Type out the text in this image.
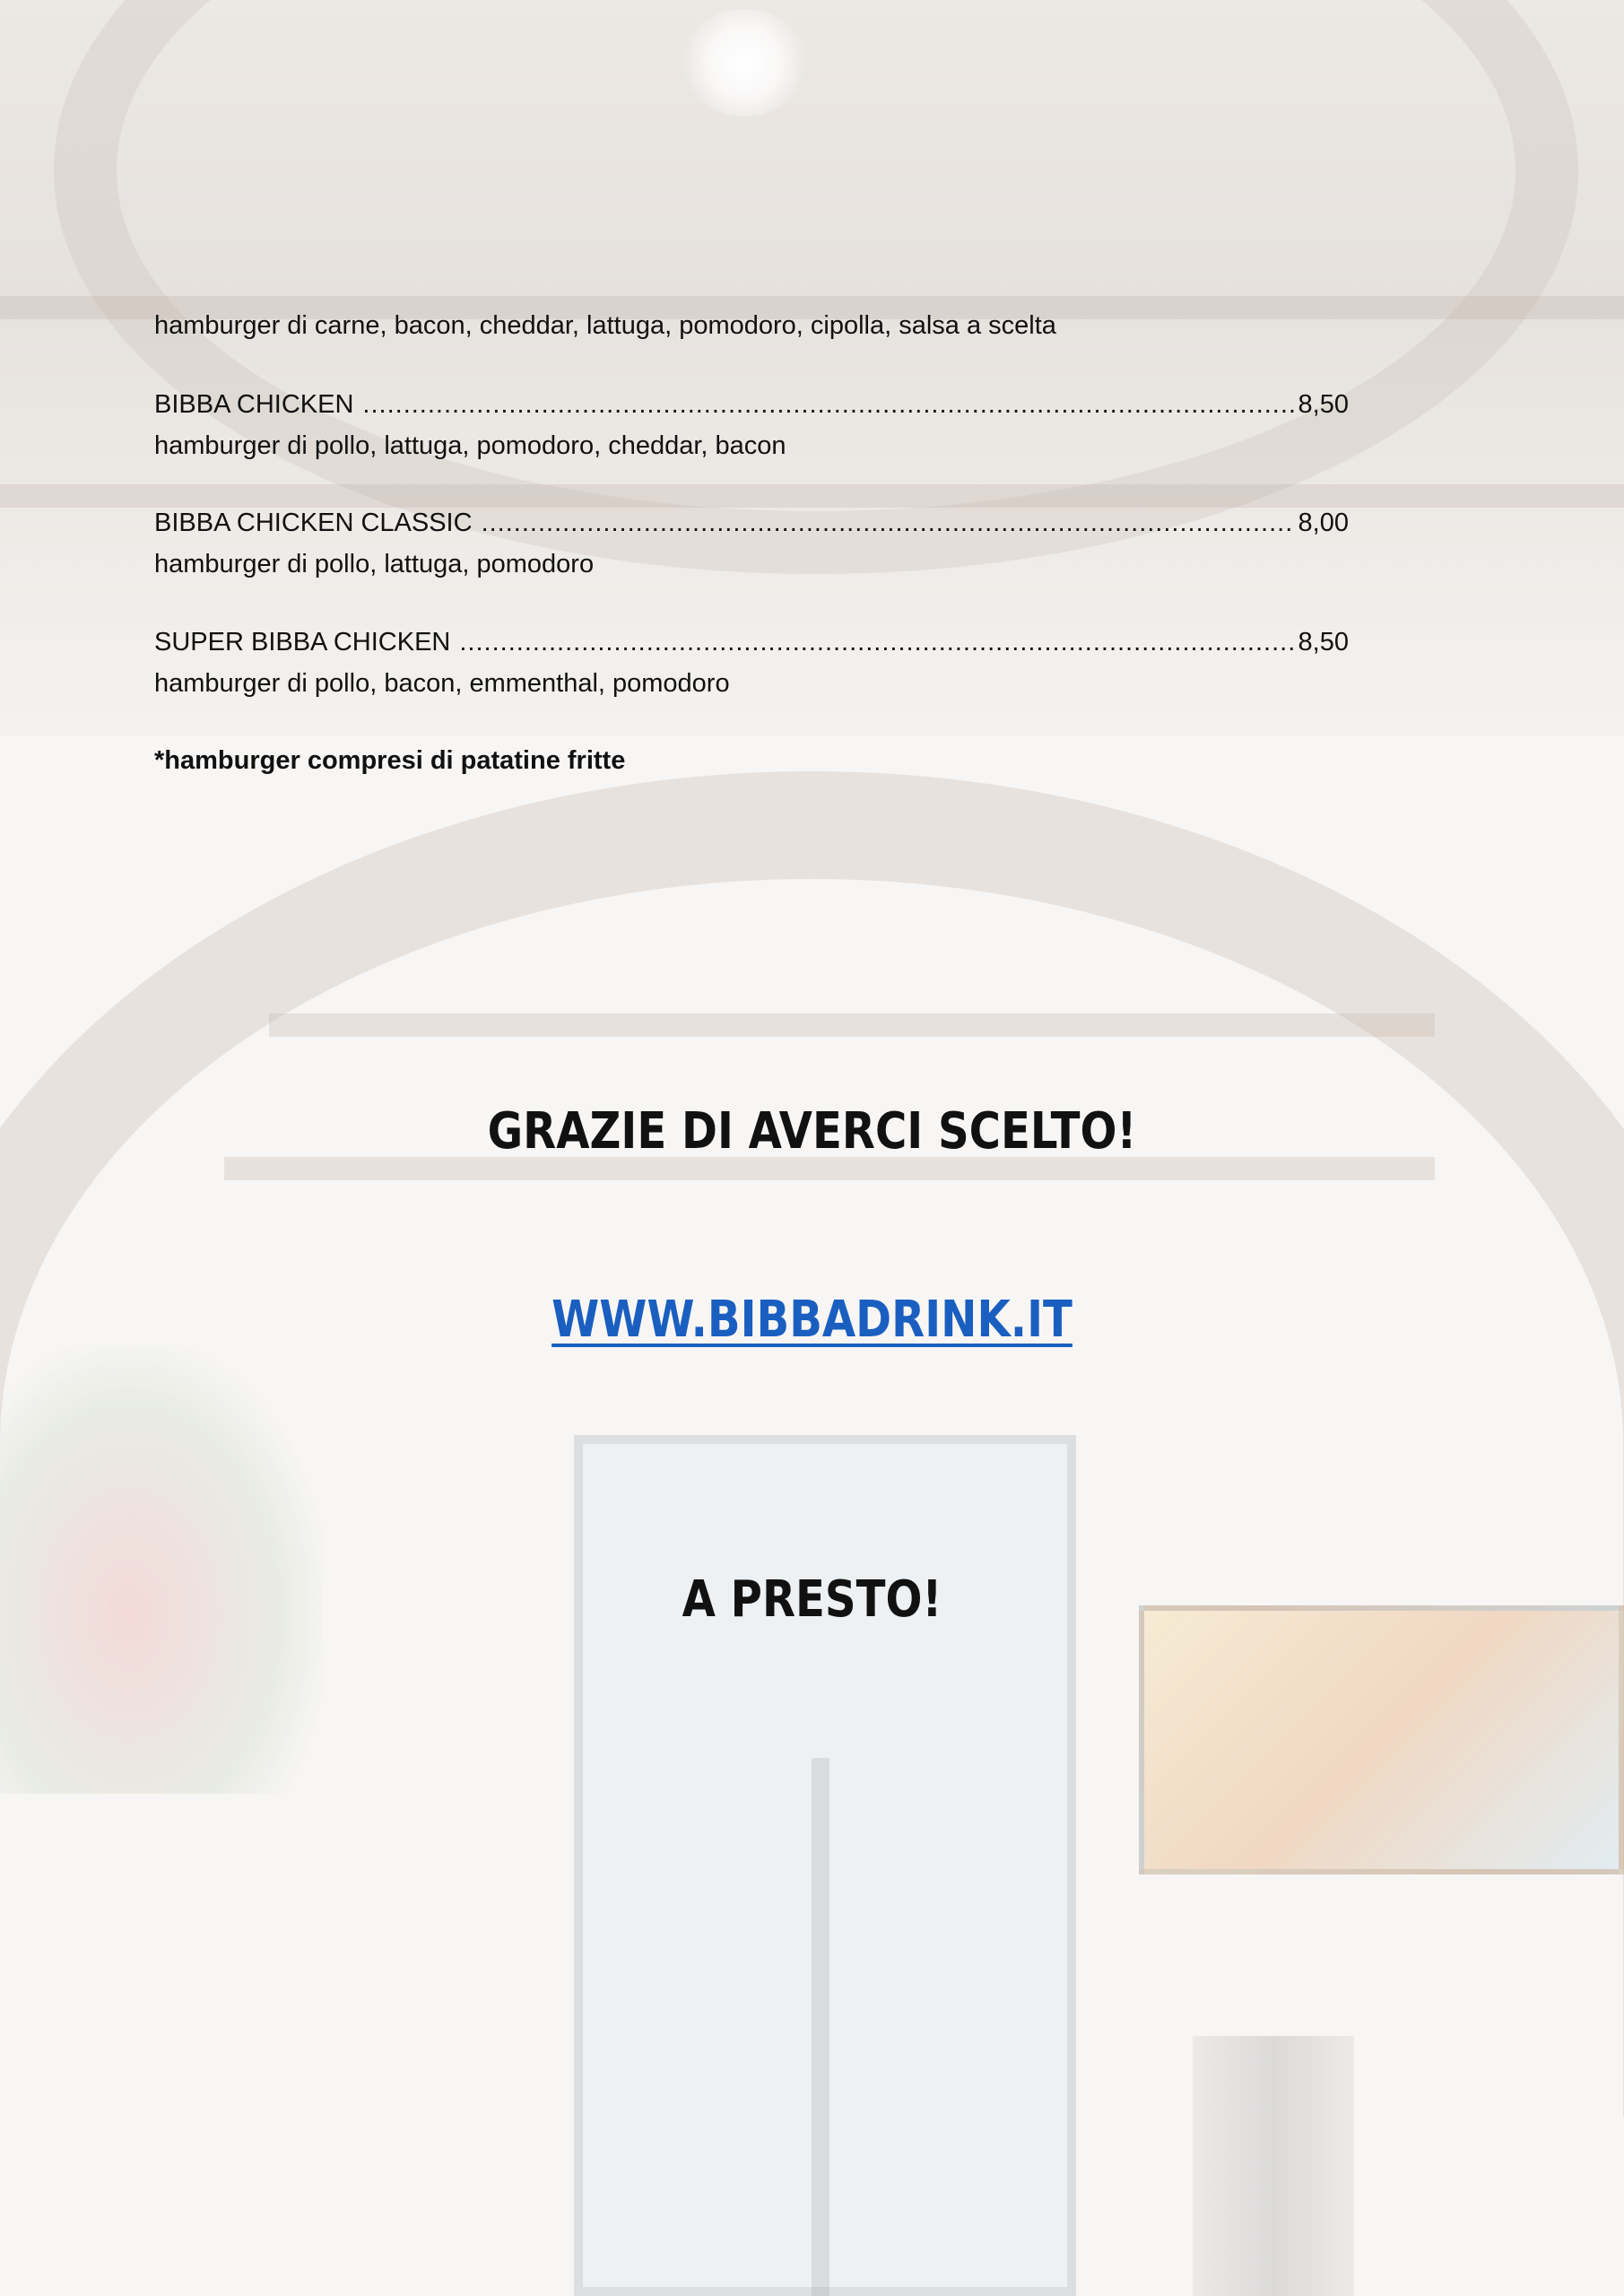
hamburger di carne, bacon, cheddar, lattuga, pomodoro, cipolla, salsa a scelta

BIBBA CHICKEN .....	8,50

hamburger di pollo, lattuga, pomodoro, cheddar, bacon

BIBBA CHICKEN CLASSIC .....	8,00

hamburger di pollo, lattuga, pomodoro

SUPER BIBBA CHICKEN .....	8,50

hamburger di pollo, bacon, emmenthal, pomodoro

*hamburger compresi di patatine fritte

GRAZIE DI AVERCI SCELTO!

WWW.BIBBADRINK.IT

A PRESTO!
